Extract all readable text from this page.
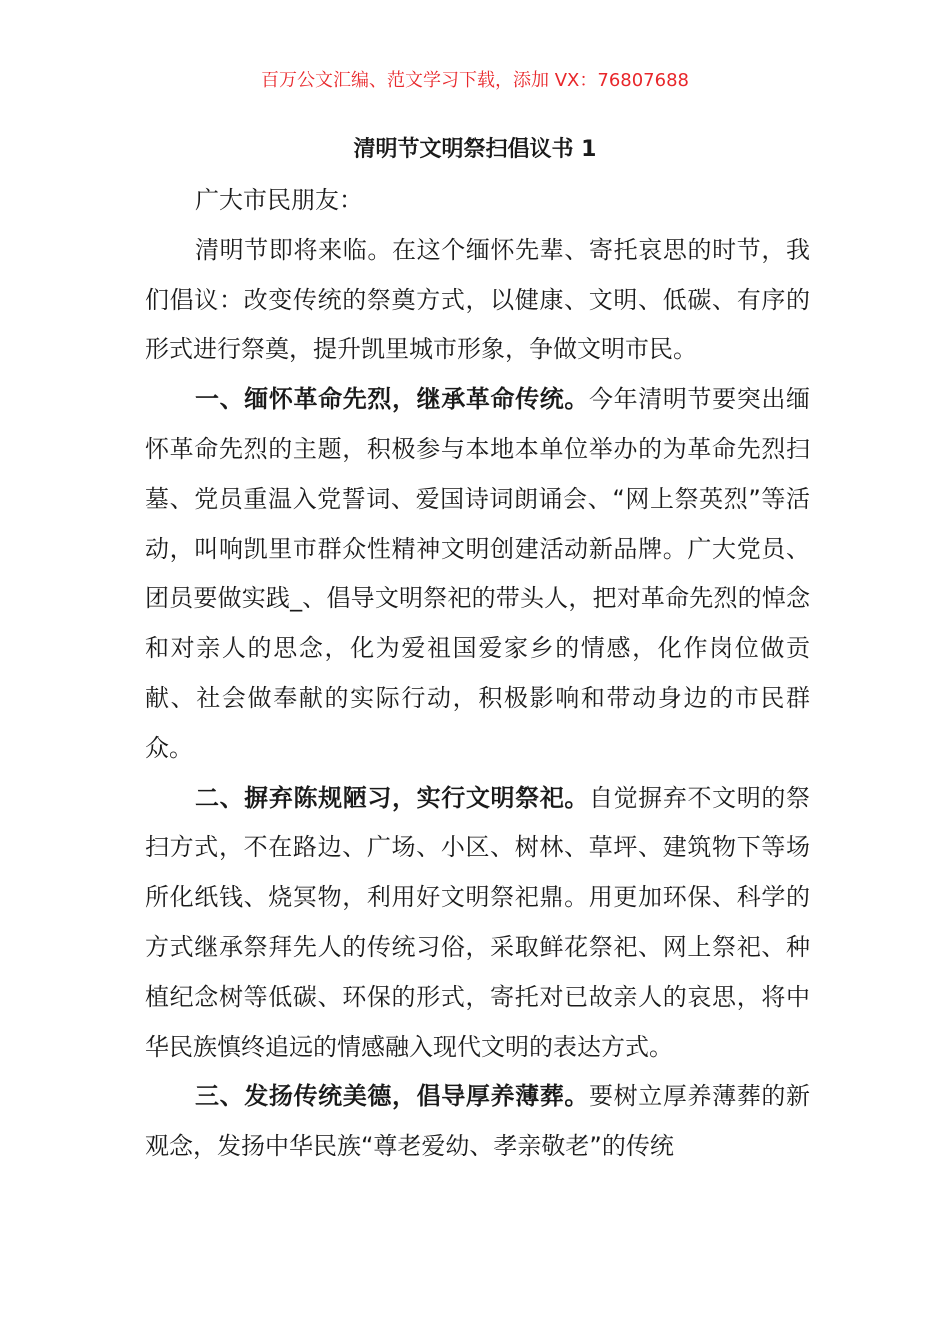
百万公文汇编、范文学习下载，添加 VX：76807688
清明节文明祭扫倡议书 1

广大市民朋友：

清明节即将来临。在这个缅怀先辈、寄托哀思的时节，我们倡议：改变传统的祭奠方式，以健康、文明、低碳、有序的形式进行祭奠，提升凯里城市形象，争做文明市民。

一、缅怀革命先烈，继承革命传统。今年清明节要突出缅怀革命先烈的主题，积极参与本地本单位举办的为革命先烈扫墓、党员重温入党誓词、爱国诗词朗诵会、“网上祭英烈”等活动，叫响凯里市群众性精神文明创建活动新品牌。广大党员、团员要做实践_、倡导文明祭祀的带头人，把对革命先烈的悼念和对亲人的思念，化为爱祖国爱家乡的情感，化作岗位做贡献、社会做奉献的实际行动，积极影响和带动身边的市民群众。

二、摒弃陈规陋习，实行文明祭祀。自觉摒弃不文明的祭扫方式，不在路边、广场、小区、树林、草坪、建筑物下等场所化纸钱、烧冥物，利用好文明祭祀鼎。用更加环保、科学的方式继承祭拜先人的传统习俗，采取鲜花祭祀、网上祭祀、种植纪念树等低碳、环保的形式，寄托对已故亲人的哀思，将中华民族慎终追远的情感融入现代文明的表达方式。

三、发扬传统美德，倡导厚养薄葬。要树立厚养薄葬的新观念，发扬中华民族“尊老爱幼、孝亲敬老”的传统
